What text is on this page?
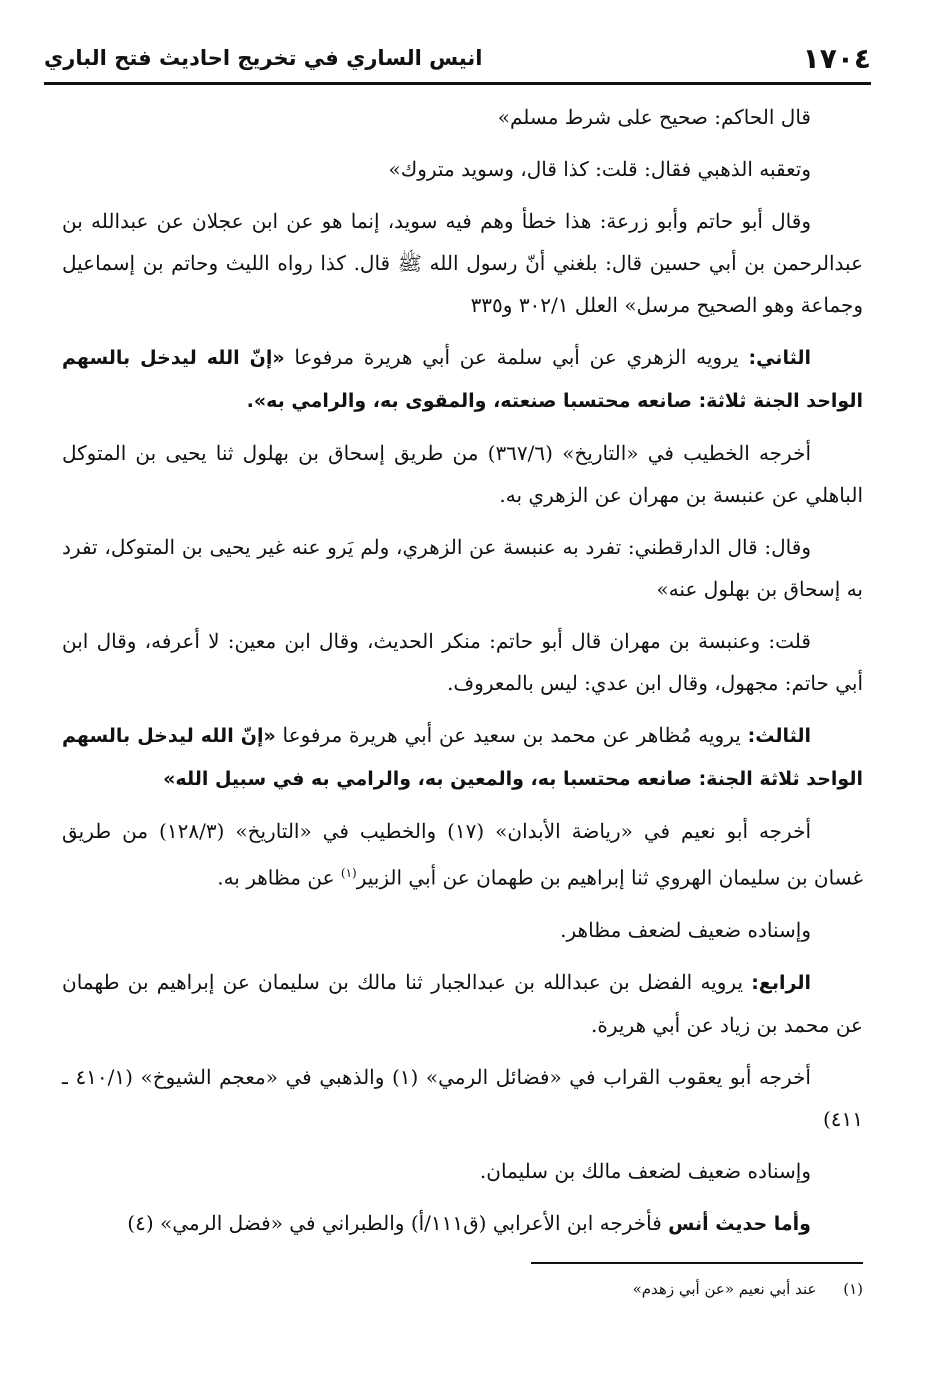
انيس الساري في تخريج احاديث فتح الباري	١٧٠٤

قال الحاكم: صحيح على شرط مسلم»

وتعقبه الذهبي فقال: قلت: كذا قال، وسويد متروك»

وقال أبو حاتم وأبو زرعة: هذا خطأ وهم فيه سويد، إنما هو عن ابن عجلان عن عبدالله بن عبدالرحمن بن أبي حسين قال: بلغني أنّ رسول الله ﷺ قال. كذا رواه الليث وحاتم بن إسماعيل وجماعة وهو الصحيح مرسل» العلل ٣٠٢/١ و٣٣٥

الثاني: يرويه الزهري عن أبي سلمة عن أبي هريرة مرفوعا «إنّ الله ليدخل بالسهم الواحد الجنة ثلاثة: صانعه محتسبا صنعته، والمقوى به، والرامي به».

أخرجه الخطيب في «التاريخ» (٣٦٧/٦) من طريق إسحاق بن بهلول ثنا يحيى بن المتوكل الباهلي عن عنبسة بن مهران عن الزهري به.

وقال: قال الدارقطني: تفرد به عنبسة عن الزهري، ولم يَرو عنه غير يحيى بن المتوكل، تفرد به إسحاق بن بهلول عنه»

قلت: وعنبسة بن مهران قال أبو حاتم: منكر الحديث، وقال ابن معين: لا أعرفه، وقال ابن أبي حاتم: مجهول، وقال ابن عدي: ليس بالمعروف.

الثالث: يرويه مُظاهر عن محمد بن سعيد عن أبي هريرة مرفوعا «إنّ الله ليدخل بالسهم الواحد ثلاثة الجنة: صانعه محتسبا به، والمعين به، والرامي به في سبيل الله»

أخرجه أبو نعيم في «رياضة الأبدان» (١٧) والخطيب في «التاريخ» (١٢٨/٣) من طريق غسان بن سليمان الهروي ثنا إبراهيم بن طهمان عن أبي الزبير$^{(١)}$ عن مظاهر به.

وإسناده ضعيف لضعف مظاهر.

الرابع: يرويه الفضل بن عبدالله بن عبدالجبار ثنا مالك بن سليمان عن إبراهيم بن طهمان عن محمد بن زياد عن أبي هريرة.

أخرجه أبو يعقوب القراب في «فضائل الرمي» (١) والذهبي في «معجم الشيوخ» (٤١٠/١ ـ ٤١١)

وإسناده ضعيف لضعف مالك بن سليمان.

وأما حديث أنس فأخرجه ابن الأعرابي (ق١١١/أ) والطبراني في «فضل الرمي» (٤)

(١) عند أبي نعيم «عن أبي زهدم»
